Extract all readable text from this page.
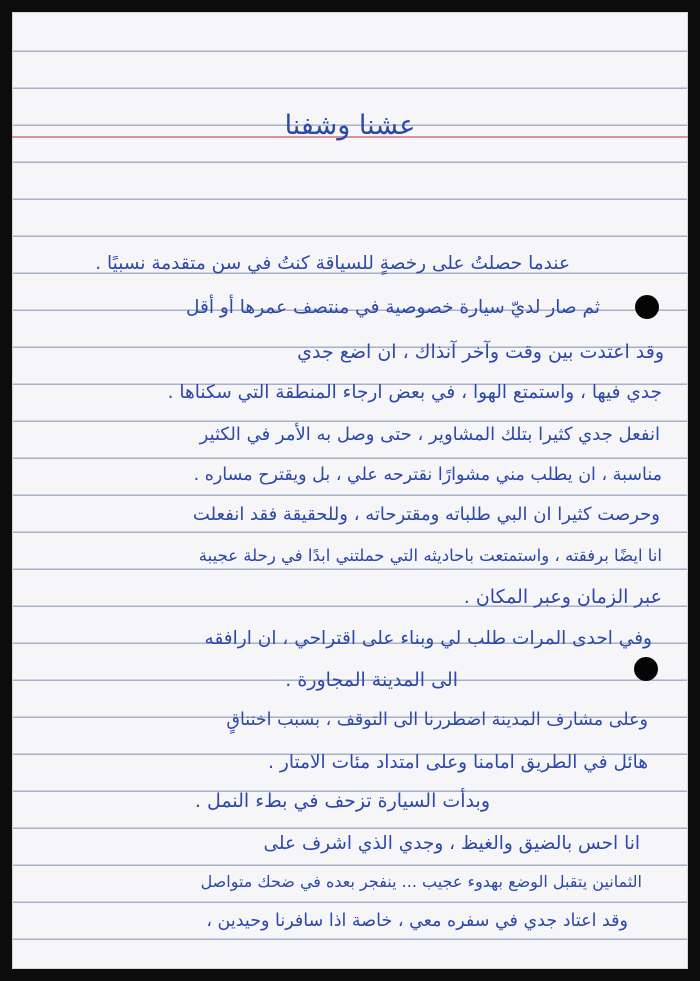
عشنا وشفنا
عندما حصلتُ على رخصةٍ للسياقة كنتُ في سن متقدمة نسبيًا .
ثم صار لديّ سيارة خصوصية في منتصف عمرها أو أقل
وقد اعتدت بين وقت وآخر آنذاك ، ان اضع جدي
جدي فيها ، واستمتع الهوا ، في بعض ارجاء المنطقة التي سكناها .
انفعل جدي كثيرا بتلك المشاوير ، حتى وصل به الأمر في الكثير
مناسبة ، ان يطلب مني مشوارًا نقترحه علي ، بل ويقترح مساره .
وحرصت كثيرا ان البي طلباته ومقترحاته ، وللحقيقة فقد انفعلت
انا ايضًا برفقته ، واستمتعت باحاديثه التي حملتني ابدًا في رحلة عجيبة
عبر الزمان وعبر المكان .
وفي احدى المرات طلب لي وبناء على اقتراحي ، ان ارافقه
الى المدينة المجاورة .
وعلى مشارف المدينة اضطررنا الى التوقف ، بسبب اختناقٍ
هائل في الطريق امامنا وعلى امتداد مئات الامتار .
وبدأت السيارة تزحف في بطء النمل .
انا احس بالضيق والغيظ ، وجدي الذي اشرف على
الثمانين يتقبل الوضع بهدوء عجيب ... ينفجر بعده في ضحك متواصل
وقد اعتاد جدي في سفره معي ، خاصة اذا سافرنا وحيدين ،
